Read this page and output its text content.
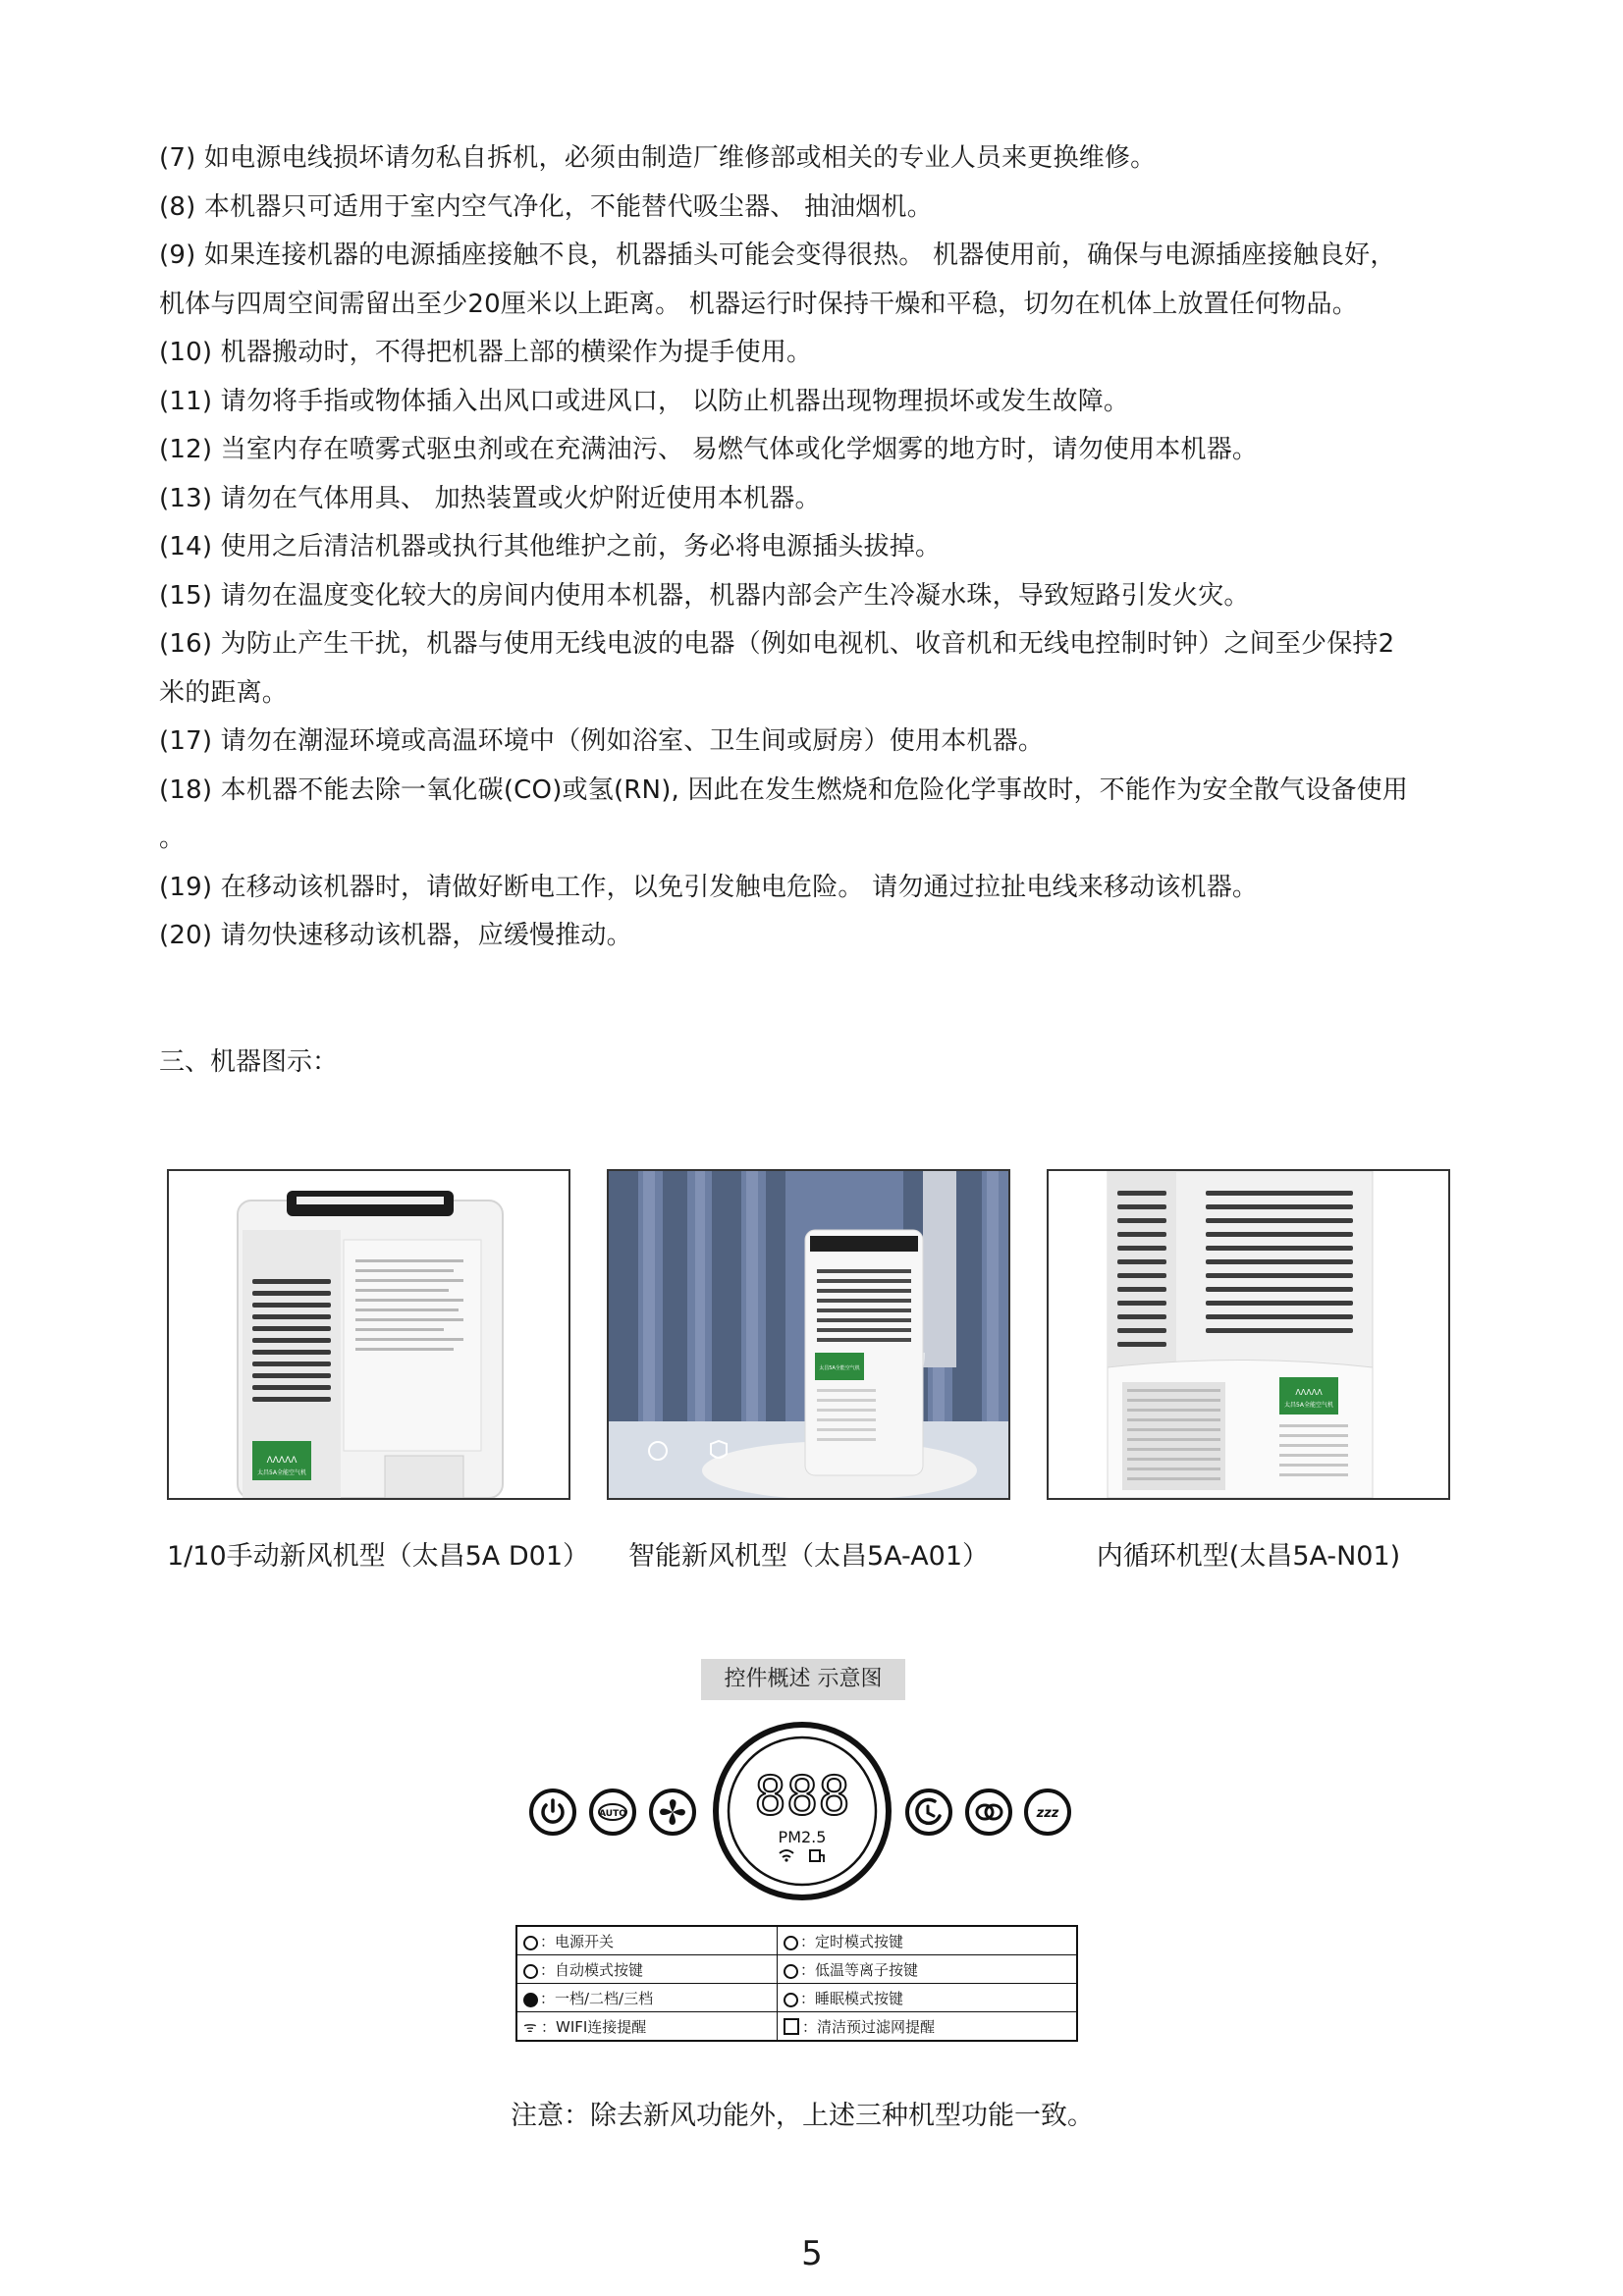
(7) 如电源电线损坏请勿私自拆机，必须由制造厂维修部或相关的专业人员来更换维修。
(8) 本机器只可适用于室内空气净化，不能替代吸尘器、 抽油烟机。
(9) 如果连接机器的电源插座接触不良，机器插头可能会变得很热。 机器使用前，确保与电源插座接触良好，
机体与四周空间需留出至少20厘米以上距离。 机器运行时保持干燥和平稳，切勿在机体上放置任何物品。
(10) 机器搬动时，不得把机器上部的横梁作为提手使用。
(11) 请勿将手指或物体插入出风口或进风口， 以防止机器出现物理损坏或发生故障。
(12) 当室内存在喷雾式驱虫剂或在充满油污、 易燃气体或化学烟雾的地方时，请勿使用本机器。
(13) 请勿在气体用具、 加热装置或火炉附近使用本机器。
(14) 使用之后清洁机器或执行其他维护之前，务必将电源插头拔掉。
(15) 请勿在温度变化较大的房间内使用本机器，机器内部会产生冷凝水珠，导致短路引发火灾。
(16) 为防止产生干扰，机器与使用无线电波的电器（例如电视机、收音机和无线电控制时钟）之间至少保持2
米的距离。
(17) 请勿在潮湿环境或高温环境中（例如浴室、卫生间或厨房）使用本机器。
(18) 本机器不能去除一氧化碳(CO)或氢(RN), 因此在发生燃烧和危险化学事故时，不能作为安全散气设备使用
。
(19) 在移动该机器时，请做好断电工作，以免引发触电危险。 请勿通过拉扯电线来移动该机器。
(20) 请勿快速移动该机器，应缓慢推动。
三、机器图示：
ΛΛΛΛΛ
太昌5A全能空气机
太昌5A全能空气机
ΛΛΛΛΛ
太昌5A全能空气机
1/10手动新风机型（太昌5A D01）	智能新风机型（太昌5A-A01）	内循环机型(太昌5A-N01)
控件概述 示意图
AUTO 888
PM2.5
zzz
：电源开关	：定时模式按键
：自动模式按键	：低温等离子按键
：一档/二档/三档	：睡眠模式按键
ᯤ ：WIFI连接提醒	：清洁预过滤网提醒
注意：除去新风功能外，上述三种机型功能一致。
5
